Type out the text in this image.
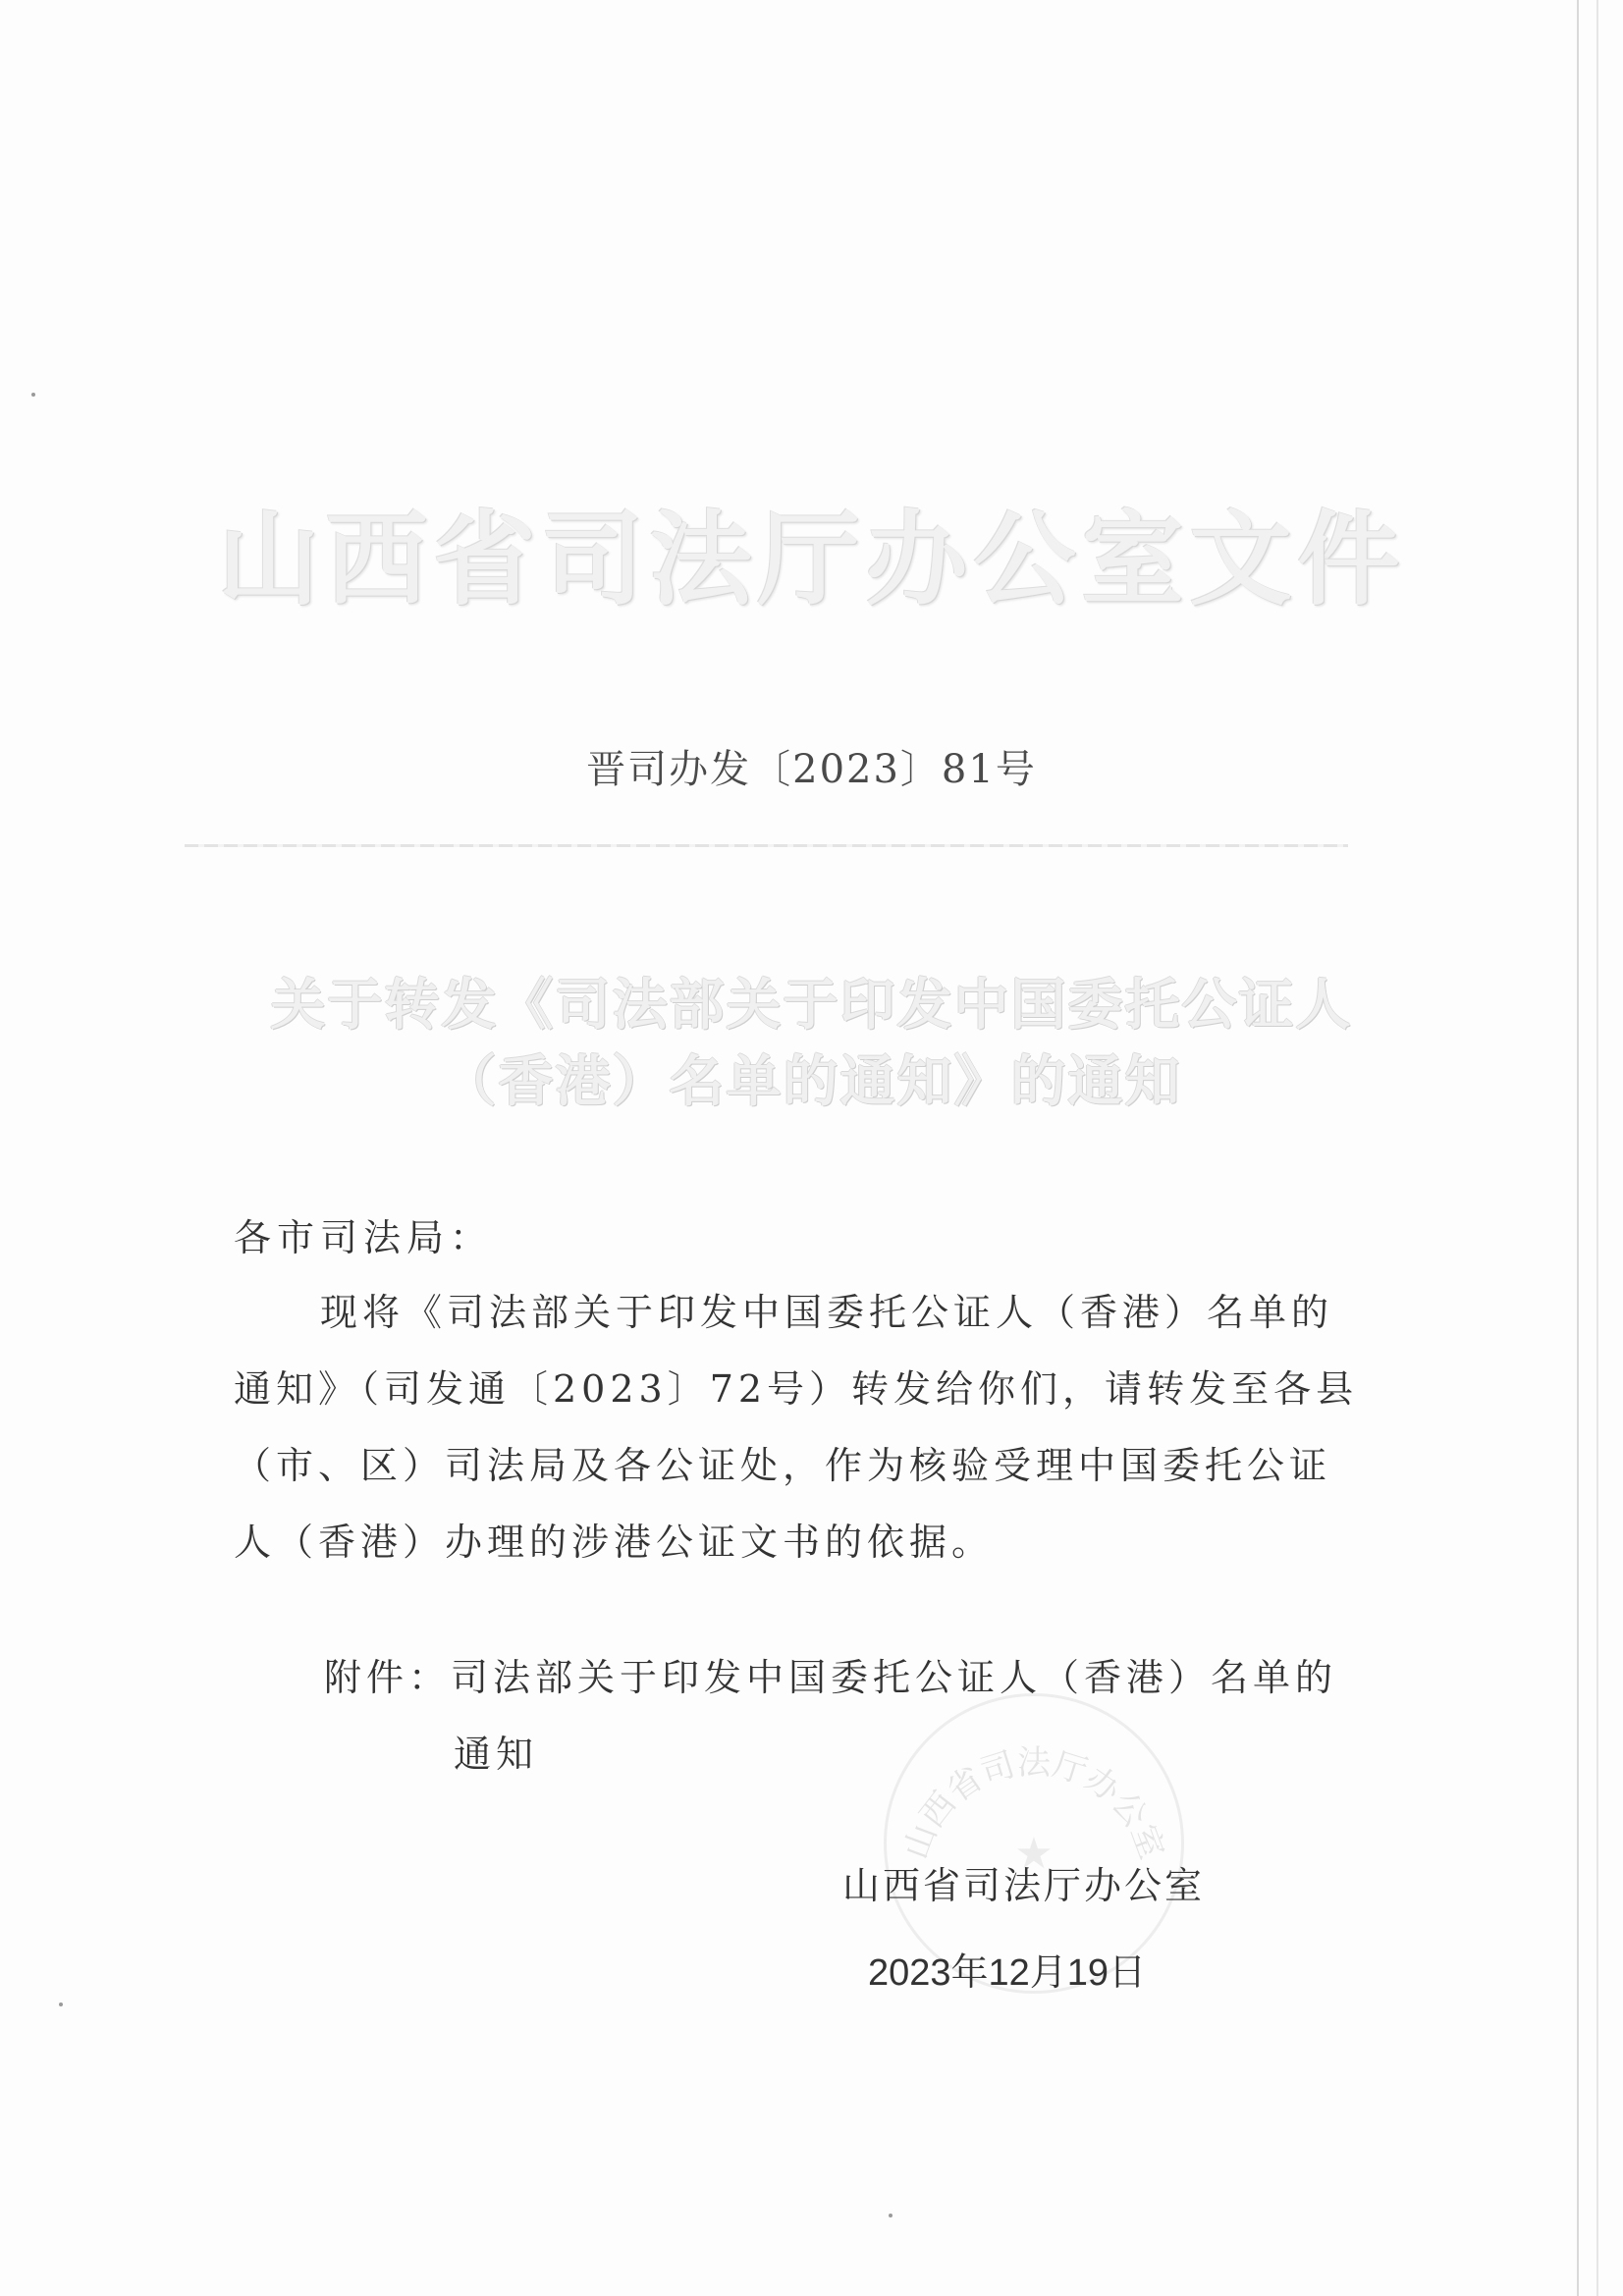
山西省司法厅办公室文件
晋司办发〔2023〕81号
关于转发《司法部关于印发中国委托公证人
（香港）名单的通知》的通知
各市司法局：
现将《司法部关于印发中国委托公证人（香港）名单的
通知》（司发通〔2023〕72号）转发给你们，请转发至各县
（市、区）司法局及各公证处，作为核验受理中国委托公证
人（香港）办理的涉港公证文书的依据。
附件：司法部关于印发中国委托公证人（香港）名单的
通知
山西省司法厅办公室
★
山西省司法厅办公室
2023年12月19日
